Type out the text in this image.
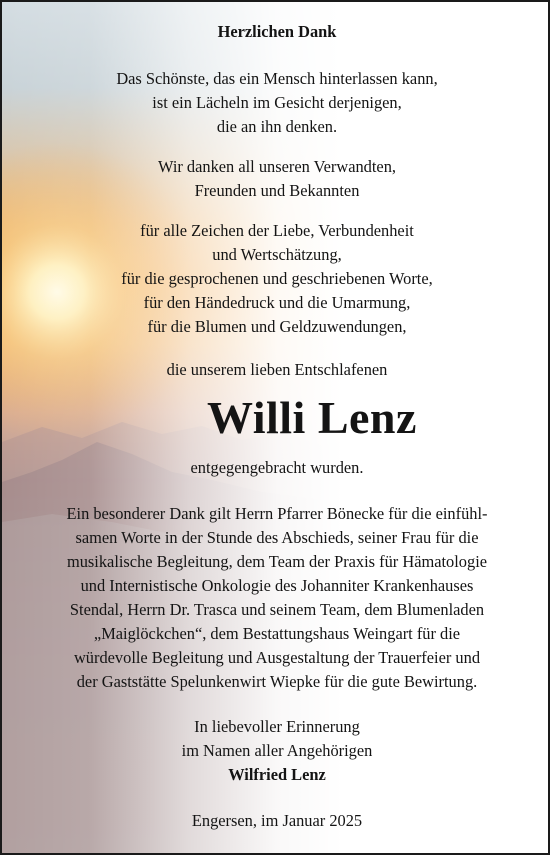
Herzlichen Dank

Das Schönste, das ein Mensch hinterlassen kann,

ist ein Lächeln im Gesicht derjenigen,

die an ihn denken.

Wir danken all unseren Verwandten,

Freunden und Bekannten

für alle Zeichen der Liebe, Verbundenheit

und Wertschätzung,

für die gesprochenen und geschriebenen Worte,

für den Händedruck und die Umarmung,

für die Blumen und Geldzuwendungen,

die unserem lieben Entschlafenen

Willi Lenz

entgegengebracht wurden.

Ein besonderer Dank gilt Herrn Pfarrer Bönecke für die einfühl-

samen Worte in der Stunde des Abschieds, seiner Frau für die

musikalische Begleitung, dem Team der Praxis für Hämatologie

und Internistische Onkologie des Johanniter Krankenhauses

Stendal, Herrn Dr. Trasca und seinem Team, dem Blumenladen

„Maiglöckchen“, dem Bestattungshaus Weingart für die

würdevolle Begleitung und Ausgestaltung der Trauerfeier und

der Gaststätte Spelunkenwirt Wiepke für die gute Bewirtung.

In liebevoller Erinnerung

im Namen aller Angehörigen

Wilfried Lenz

Engersen, im Januar 2025
